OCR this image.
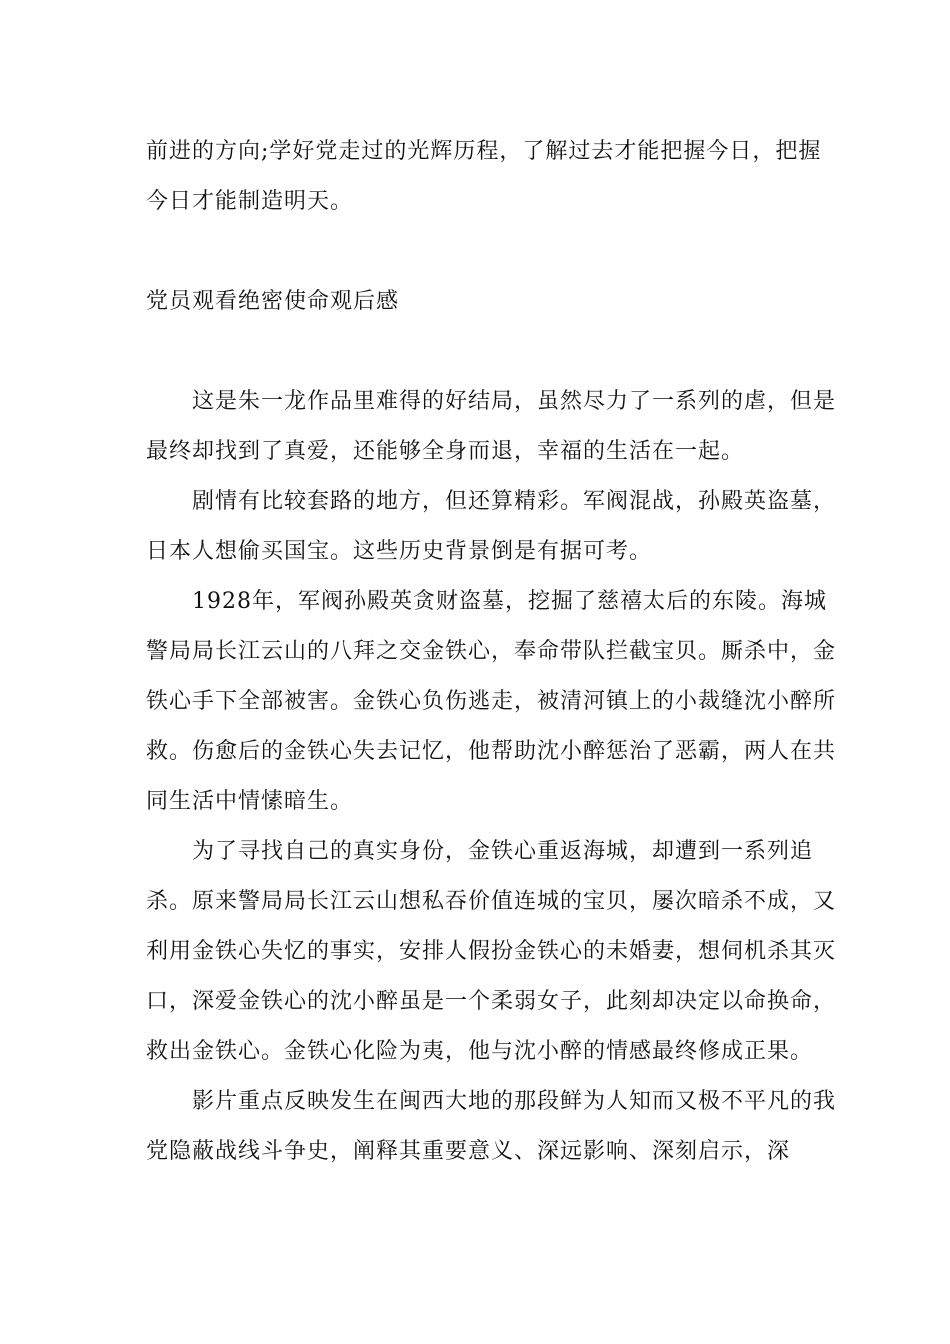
前进的方向;学好党走过的光辉历程，了解过去才能把握今日，把握今日才能制造明天。

党员观看绝密使命观后感

这是朱一龙作品里难得的好结局，虽然尽力了一系列的虐，但是最终却找到了真爱，还能够全身而退，幸福的生活在一起。

剧情有比较套路的地方，但还算精彩。军阀混战，孙殿英盗墓，日本人想偷买国宝。这些历史背景倒是有据可考。

1928年，军阀孙殿英贪财盗墓，挖掘了慈禧太后的东陵。海城警局局长江云山的八拜之交金铁心，奉命带队拦截宝贝。厮杀中，金铁心手下全部被害。金铁心负伤逃走，被清河镇上的小裁缝沈小醉所救。伤愈后的金铁心失去记忆，他帮助沈小醉惩治了恶霸，两人在共同生活中情愫暗生。

为了寻找自己的真实身份，金铁心重返海城，却遭到一系列追杀。原来警局局长江云山想私吞价值连城的宝贝，屡次暗杀不成，又利用金铁心失忆的事实，安排人假扮金铁心的未婚妻，想伺机杀其灭口，深爱金铁心的沈小醉虽是一个柔弱女子，此刻却决定以命换命，救出金铁心。金铁心化险为夷，他与沈小醉的情感最终修成正果。

影片重点反映发生在闽西大地的那段鲜为人知而又极不平凡的我党隐蔽战线斗争史，阐释其重要意义、深远影响、深刻启示，深
